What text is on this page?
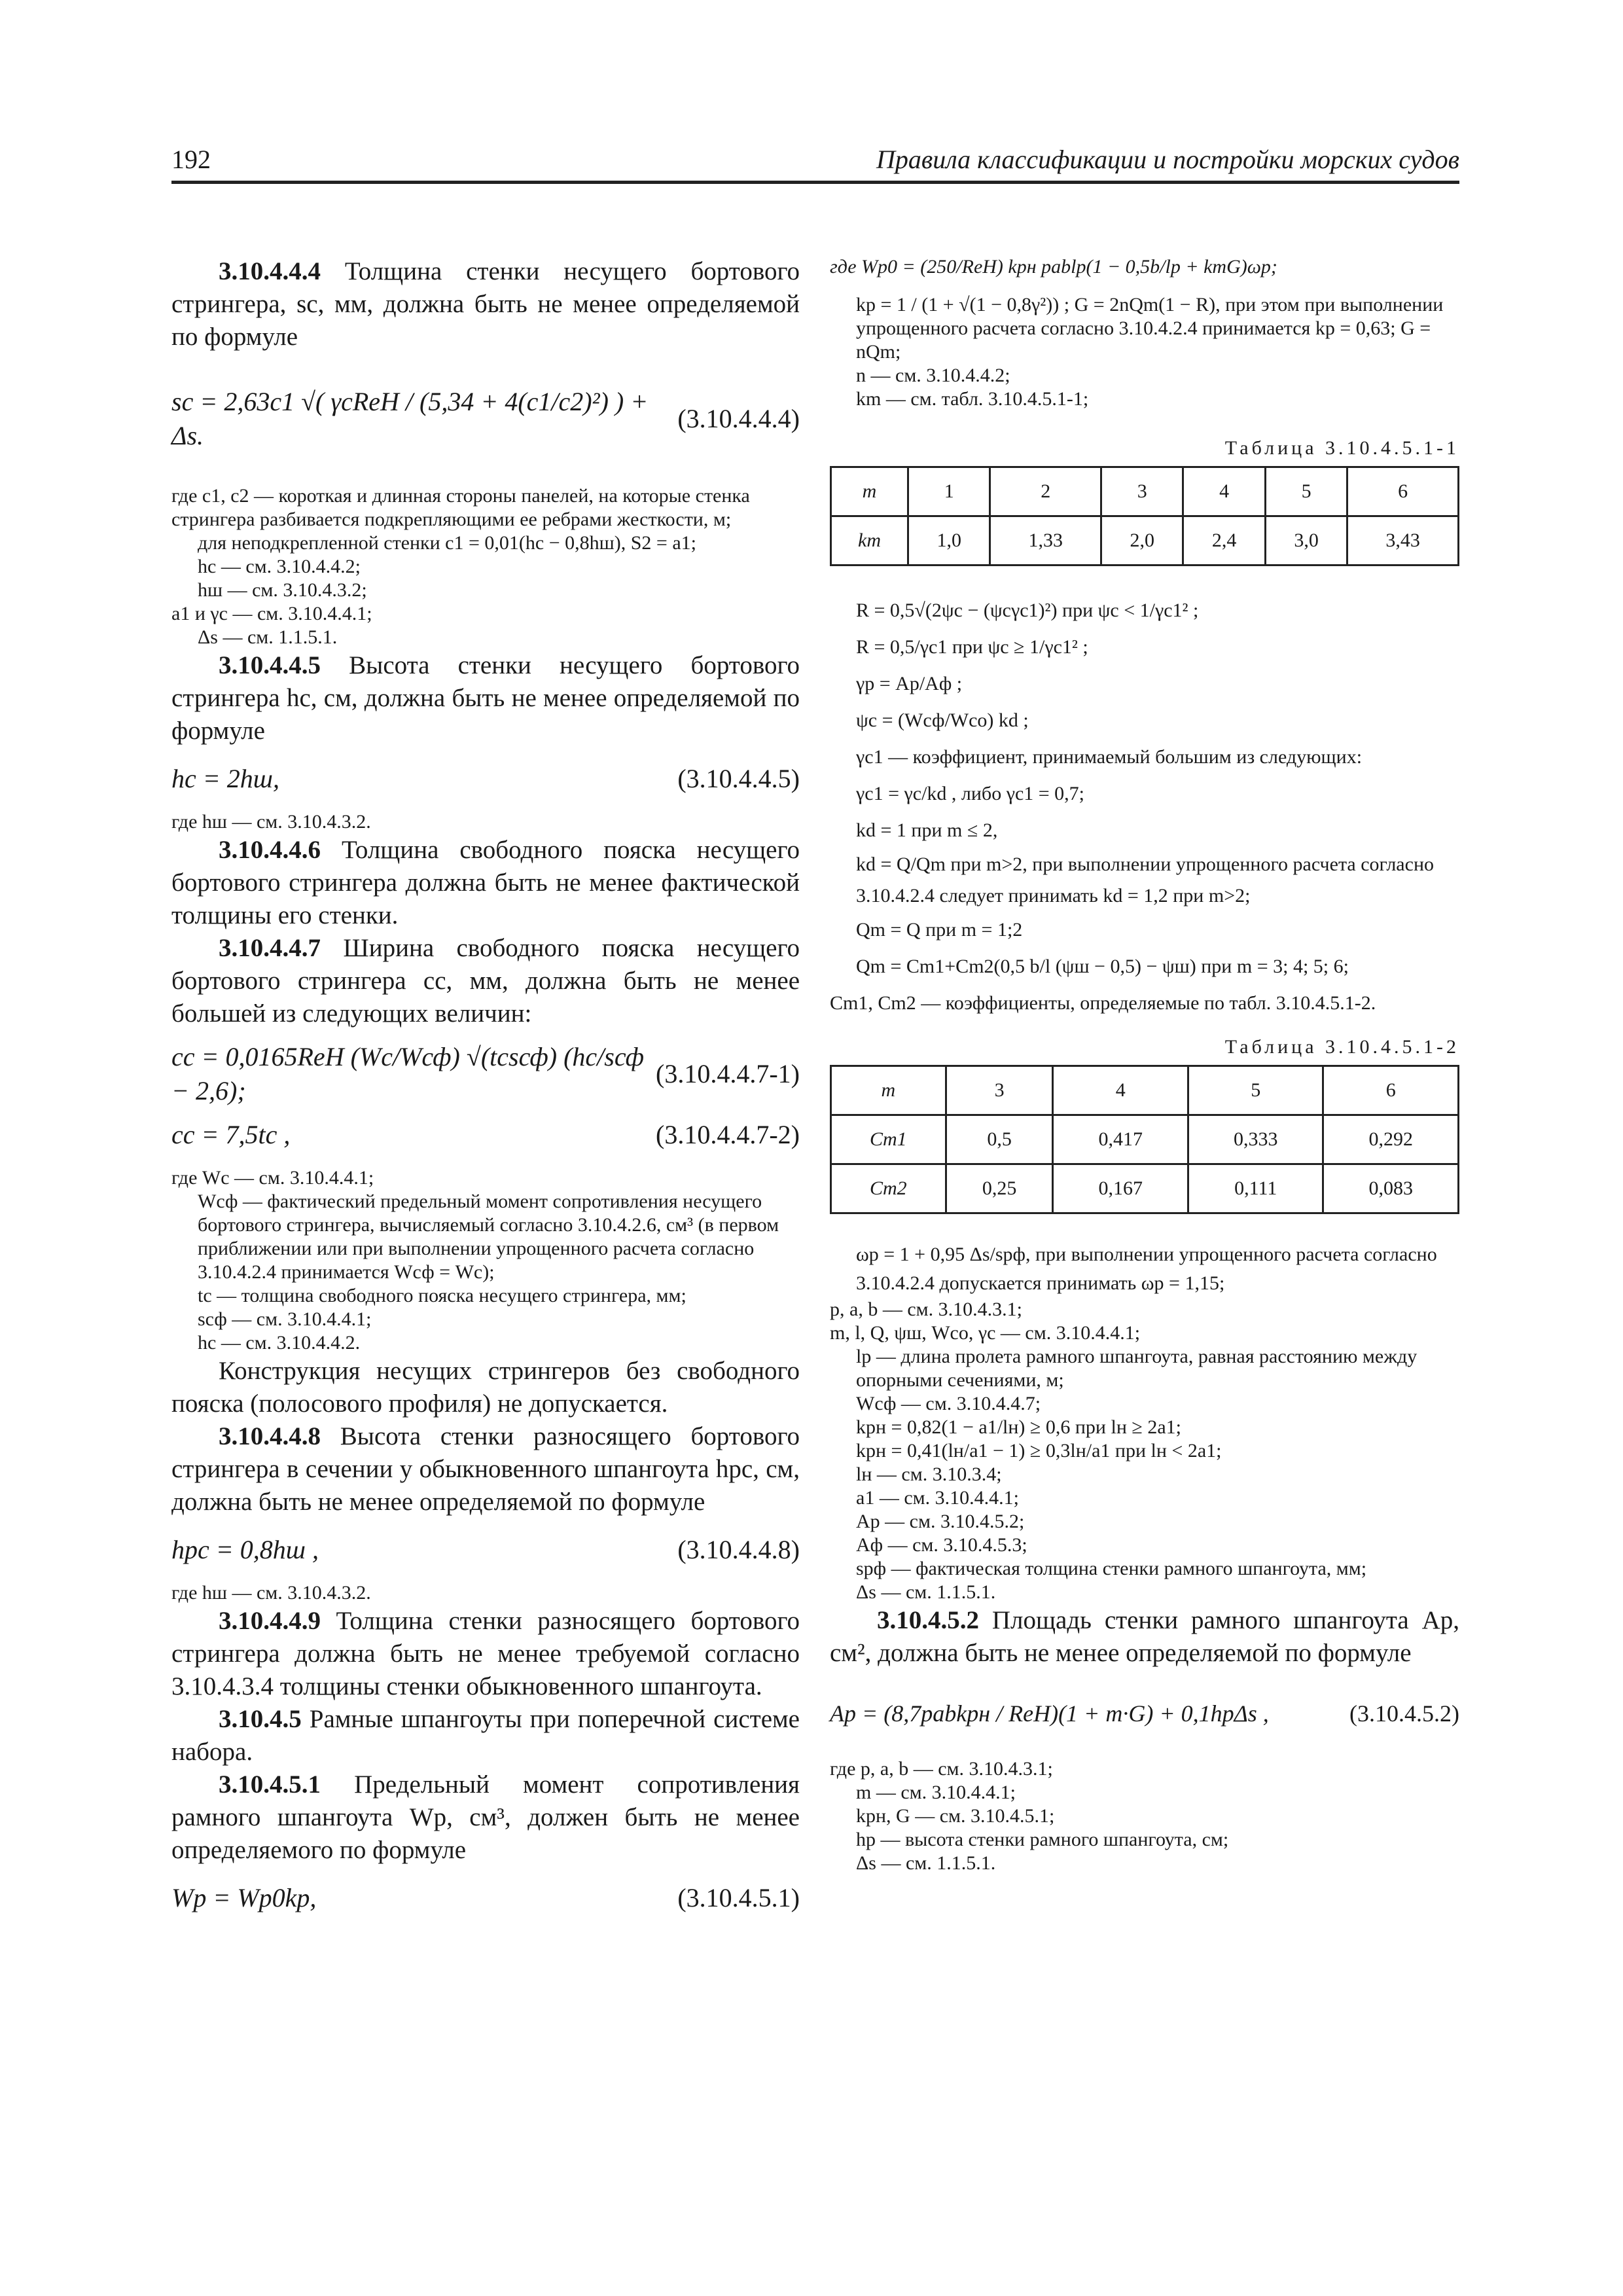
192	Правила классификации и постройки морских судов

3.10.4.4.4 Толщина стенки несущего бортового стрингера, sc, мм, должна быть не менее определяемой по формуле

sc = 2,63c1 √( γcReH / (5,34 + 4(c1/c2)²) ) + Δs.
(3.10.4.4.4)

где c1, c2 — короткая и длинная стороны панелей, на которые стенка стрингера разбивается подкрепляющими ее ребрами жесткости, м;

для неподкрепленной стенки c1 = 0,01(hc − 0,8hш), S2 = a1;

hc — см. 3.10.4.4.2;

hш — см. 3.10.4.3.2;

a1 и γc — см. 3.10.4.4.1;

Δs — см. 1.1.5.1.

3.10.4.4.5 Высота стенки несущего бортового стрингера hc, см, должна быть не менее определяемой по формуле

hc = 2hш,	(3.10.4.4.5)

где hш — см. 3.10.4.3.2.

3.10.4.4.6 Толщина свободного пояска несущего бортового стрингера должна быть не менее фактической толщины его стенки.

3.10.4.4.7 Ширина свободного пояска несущего бортового стрингера cc, мм, должна быть не менее большей из следующих величин:

cc = 0,0165ReH (Wc/Wсф) √(tcsсф) (hc/sсф − 2,6);
(3.10.4.4.7-1)
cc = 7,5tc ,	(3.10.4.4.7-2)

где Wc — см. 3.10.4.4.1;

Wсф — фактический предельный момент сопротивления несущего бортового стрингера, вычисляемый согласно 3.10.4.2.6, см³ (в первом приближении или при выполнении упрощенного расчета согласно 3.10.4.2.4 принимается Wсф = Wc);

tc — толщина свободного пояска несущего стрингера, мм;

sсф — см. 3.10.4.4.1;

hc — см. 3.10.4.4.2.

Конструкция несущих стрингеров без свободного пояска (полосового профиля) не допускается.

3.10.4.4.8 Высота стенки разносящего бортового стрингера в сечении у обыкновенного шпангоута hрс, см, должна быть не менее определяемой по формуле

hрс = 0,8hш ,	(3.10.4.4.8)

где hш — см. 3.10.4.3.2.

3.10.4.4.9 Толщина стенки разносящего бортового стрингера должна быть не менее требуемой согласно 3.10.4.3.4 толщины стенки обыкновенного шпангоута.

3.10.4.5 Рамные шпангоуты при поперечной системе набора.

3.10.4.5.1 Предельный момент сопротивления рамного шпангоута Wр, см³, должен быть не менее определяемого по формуле

Wр = Wр0kр,	(3.10.4.5.1)

где Wр0 = (250/ReH) kрн pablр(1 − 0,5b/lр + kmG)ωр;

kр = 1 / (1 + √(1 − 0,8γ²)) ; G = 2nQm(1 − R), при этом при выполнении упрощенного расчета согласно 3.10.4.2.4 принимается kр = 0,63; G = nQm;

n — см. 3.10.4.4.2;

km — см. табл. 3.10.4.5.1-1;

Таблица 3.10.4.5.1-1
m	1	2	3	4	5	6
km	1,0	1,33	2,0	2,4	3,0	3,43

R = 0,5√(2ψc − (ψcγc1)²) при ψc < 1/γc1² ;

R = 0,5/γc1 при ψc ≥ 1/γc1² ;

γр = Aр/Aф ;

ψc = (Wсф/Wсо) kd ;

γc1 — коэффициент, принимаемый большим из следующих:

γc1 = γc/kd , либо γc1 = 0,7;

kd = 1 при m ≤ 2,

kd = Q/Qm при m>2, при выполнении упрощенного расчета согласно 3.10.4.2.4 следует принимать kd = 1,2 при m>2;

Qm = Q при m = 1;2

Qm = Cm1+Cm2(0,5 b/l (ψш − 0,5) − ψш) при m = 3; 4; 5; 6;

Cm1, Cm2 — коэффициенты, определяемые по табл. 3.10.4.5.1-2.

Таблица 3.10.4.5.1-2
m	3	4	5	6
Cm1	0,5	0,417	0,333	0,292
Cm2	0,25	0,167	0,111	0,083

ωр = 1 + 0,95 Δs/sрф, при выполнении упрощенного расчета согласно 3.10.4.2.4 допускается принимать ωр = 1,15;

p, a, b — см. 3.10.4.3.1;

m, l, Q, ψш, Wсо, γc — см. 3.10.4.4.1;

lр — длина пролета рамного шпангоута, равная расстоянию между опорными сечениями, м;

Wсф — см. 3.10.4.4.7;

kрн = 0,82(1 − a1/lн) ≥ 0,6 при lн ≥ 2a1;

kрн = 0,41(lн/a1 − 1) ≥ 0,3lн/a1 при lн < 2a1;

lн — см. 3.10.3.4;

a1 — см. 3.10.4.4.1;

Aр — см. 3.10.4.5.2;

Aф — см. 3.10.4.5.3;

sрф — фактическая толщина стенки рамного шпангоута, мм;

Δs — см. 1.1.5.1.

3.10.4.5.2 Площадь стенки рамного шпангоута Aр, см², должна быть не менее определяемой по формуле

Aр = (8,7pabkрн / ReH)(1 + m·G) + 0,1hрΔs ,	(3.10.4.5.2)

где p, a, b — см. 3.10.4.3.1;

m — см. 3.10.4.4.1;

kрн, G — см. 3.10.4.5.1;

hр — высота стенки рамного шпангоута, см;

Δs — см. 1.1.5.1.
